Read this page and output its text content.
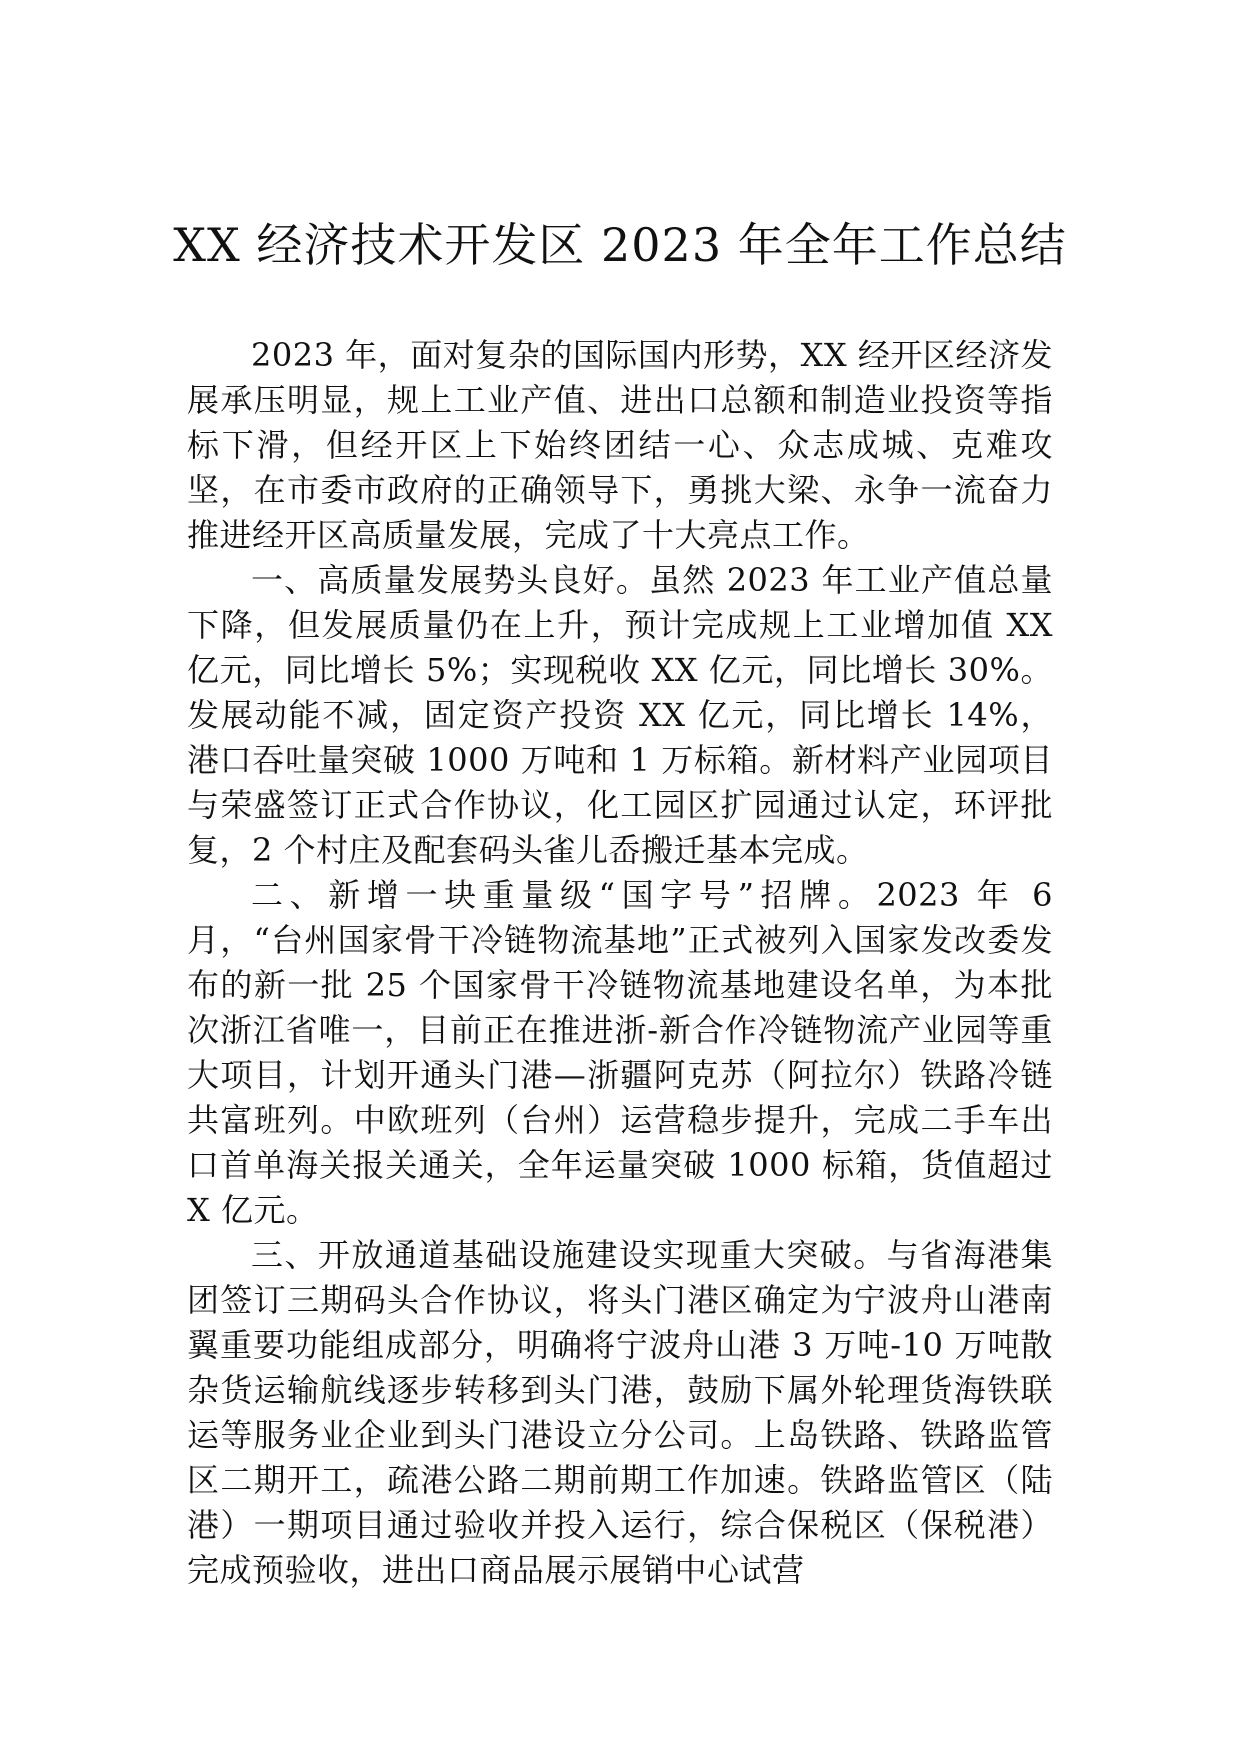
XX 经济技术开发区 2023 年全年工作总结

2023 年，面对复杂的国际国内形势，XX 经开区经济发展承压明显，规上工业产值、进出口总额和制造业投资等指标下滑，但经开区上下始终团结一心、众志成城、克难攻坚，在市委市政府的正确领导下，勇挑大梁、永争一流奋力推进经开区高质量发展，完成了十大亮点工作。

一、高质量发展势头良好。虽然 2023 年工业产值总量下降，但发展质量仍在上升，预计完成规上工业增加值 XX 亿元，同比增长 5%；实现税收 XX 亿元，同比增长 30%。发展动能不减，固定资产投资 XX 亿元，同比增长 14%，港口吞吐量突破 1000 万吨和 1 万标箱。新材料产业园项目与荣盛签订正式合作协议，化工园区扩园通过认定，环评批复，2 个村庄及配套码头雀儿岙搬迁基本完成。

二、新增一块重量级“国字号”招牌。2023 年 6 月，“台州国家骨干冷链物流基地”正式被列入国家发改委发布的新一批 25 个国家骨干冷链物流基地建设名单，为本批次浙江省唯一，目前正在推进浙-新合作冷链物流产业园等重大项目，计划开通头门港—浙疆阿克苏（阿拉尔）铁路冷链共富班列。中欧班列（台州）运营稳步提升，完成二手车出口首单海关报关通关，全年运量突破 1000 标箱，货值超过 X 亿元。

三、开放通道基础设施建设实现重大突破。与省海港集团签订三期码头合作协议，将头门港区确定为宁波舟山港南翼重要功能组成部分，明确将宁波舟山港 3 万吨-10 万吨散杂货运输航线逐步转移到头门港，鼓励下属外轮理货海铁联运等服务业企业到头门港设立分公司。上岛铁路、铁路监管区二期开工，疏港公路二期前期工作加速。铁路监管区（陆港）一期项目通过验收并投入运行，综合保税区（保税港）完成预验收，进出口商品展示展销中心试营
